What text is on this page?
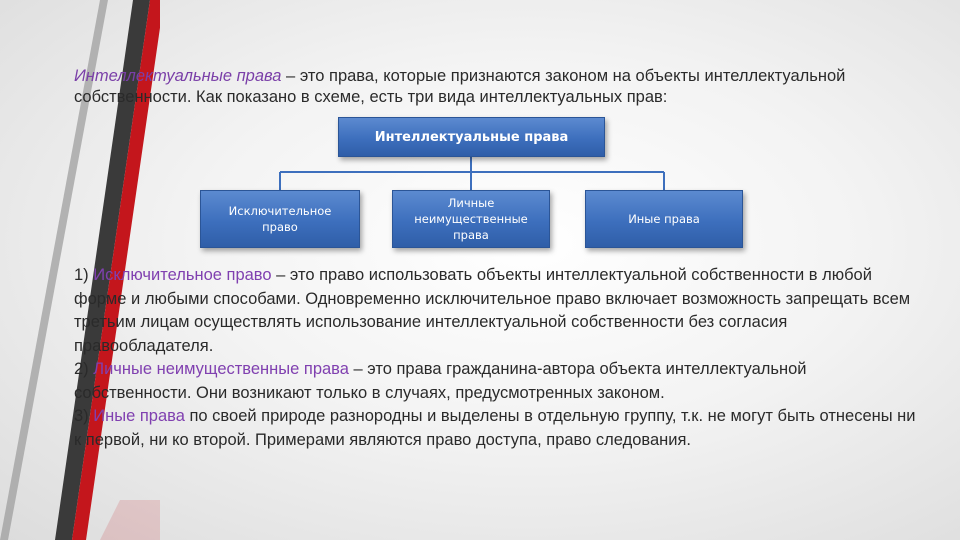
Интеллектуальные права – это права, которые признаются законом на объекты интеллектуальной собственности. Как показано в схеме, есть три вида интеллектуальных прав:
Интеллектуальные права
Исключительное право
Личные неимущественные права
Иные права

1) Исключительное право – это право использовать объекты интеллектуальной собственности в любой форме и любыми способами. Одновременно исключительное право включает возможность запрещать всем третьим лицам осуществлять использование интеллектуальной собственности без согласия правообладателя.

2) Личные неимущественные права – это права гражданина-автора объекта интеллектуальной собственности. Они возникают только в случаях, предусмотренных законом.

3) Иные права по своей природе разнородны и выделены в отдельную группу, т.к. не могут быть отнесены ни к первой, ни ко второй. Примерами являются право доступа, право следования.
